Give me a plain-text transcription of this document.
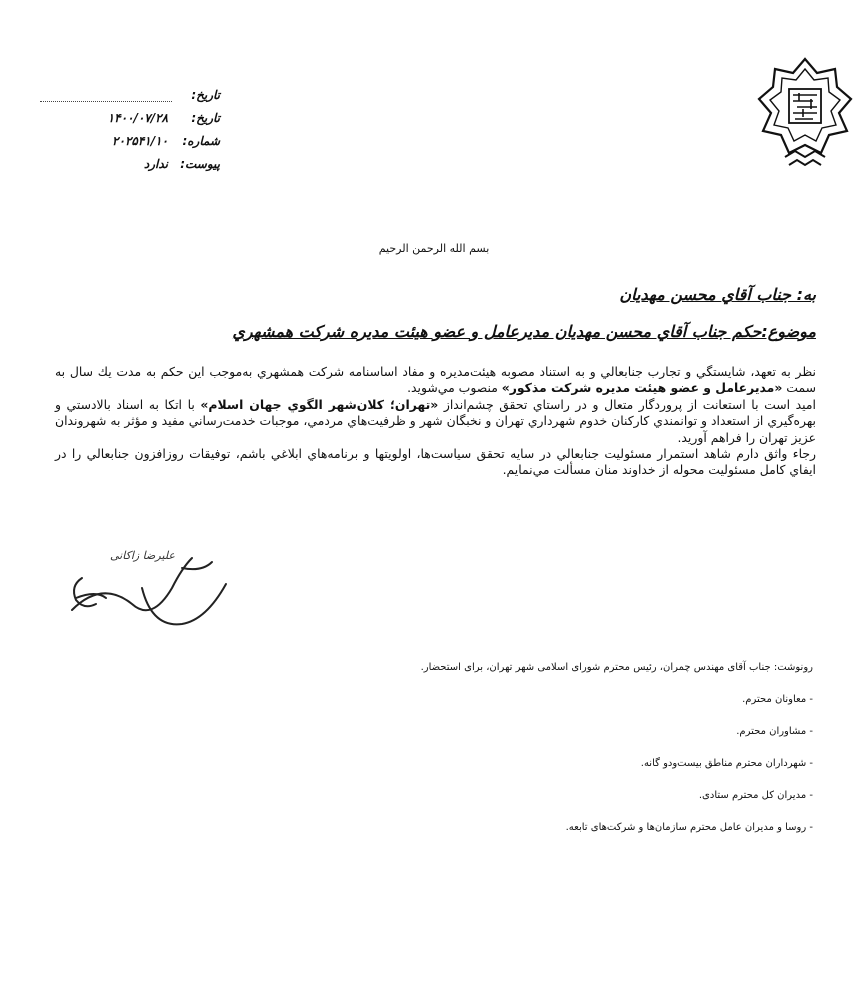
تاریخ:
تاریخ:
۱۴۰۰/۰۷/۲۸
شماره:
۲۰۲۵۴۱/۱۰
پیوست:
ندارد
بسم الله الرحمن الرحيم
به: جناب آقاي محسن مهديان
موضوع:حکم جناب آقاي محسن مهديان مديرعامل و عضو هيئت مديره شرکت همشهري

نظر به تعهد، شايستگي و تجارب جنابعالي و به استناد مصوبه هيئت‌مديره و مفاد اساسنامه شرکت همشهري به‌موجب اين حکم به مدت يك سال به سمت «مديرعامل و عضو هيئت مديره شرکت مذکور» منصوب مي‌شويد.

اميد است با استعانت از پروردگار متعال و در راستاي تحقق چشم‌انداز «تهران؛ کلان‌شهر الگوي جهان اسلام» با اتکا به اسناد بالادستي و بهره‌گيري از استعداد و توانمندي كاركنان خدوم شهرداري تهران و نخبگان شهر و ظرفيت‌هاي مردمي، موجبات خدمت‌رساني مفيد و مؤثر به شهروندان عزيز تهران را فراهم آوريد.

رجاء واثق دارم شاهد استمرار مسئوليت جنابعالي در سايه تحقق سياست‌ها، اولويتها و برنامه‌هاي ابلاغي باشم، توفيقات روزافزون جنابعالي را در ايفاي كامل مسئوليت محوله از خداوند منان مسألت مي‌نمايم.

علیرضا زاکانی
رونوشت: جناب آقای مهندس چمران، رئیس محترم شورای اسلامی شهر تهران، برای استحضار.
- معاونان محترم.
- مشاوران محترم.
- شهرداران محترم مناطق بیست‌ودو گانه.
- مدیران کل محترم ستادی.
- روسا و مدیران عامل محترم سازمان‌ها و شرکت‌های تابعه.
